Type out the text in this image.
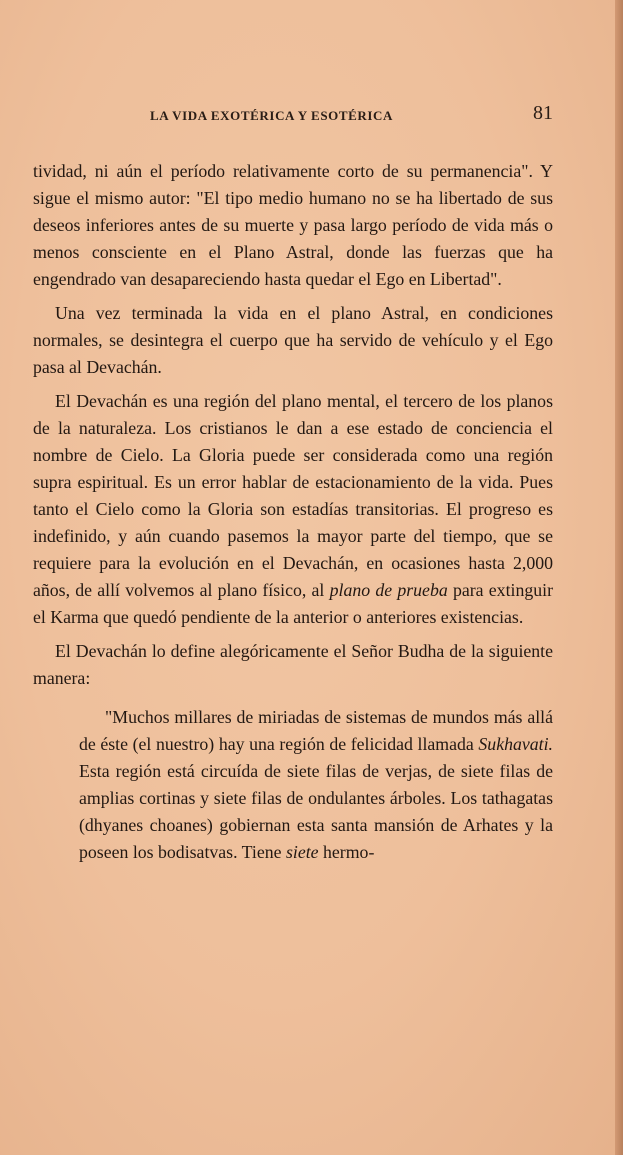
LA VIDA EXOTÉRICA Y ESOTÉRICA	81

tividad, ni aún el período relativamente corto de su permanencia". Y sigue el mismo autor: "El tipo medio humano no se ha libertado de sus deseos inferiores antes de su muerte y pasa largo período de vida más o menos consciente en el Plano Astral, donde las fuerzas que ha engendrado van desapareciendo hasta quedar el Ego en Libertad".

Una vez terminada la vida en el plano Astral, en condiciones normales, se desintegra el cuerpo que ha servido de vehículo y el Ego pasa al Devachán.

El Devachán es una región del plano mental, el tercero de los planos de la naturaleza. Los cristianos le dan a ese estado de conciencia el nombre de Cielo. La Gloria puede ser considerada como una región supra espiritual. Es un error hablar de estacionamiento de la vida. Pues tanto el Cielo como la Gloria son estadías transitorias. El progreso es indefinido, y aún cuando pasemos la mayor parte del tiempo, que se requiere para la evolución en el Devachán, en ocasiones hasta 2,000 años, de allí volvemos al plano físico, al plano de prueba para extinguir el Karma que quedó pendiente de la anterior o anteriores existencias.

El Devachán lo define alegóricamente el Señor Budha de la siguiente manera:

"Muchos millares de miriadas de sistemas de mundos más allá de éste (el nuestro) hay una región de felicidad llamada Sukhavati. Esta región está circuída de siete filas de verjas, de siete filas de amplias cortinas y siete filas de ondulantes árboles. Los tathagatas (dhyanes choanes) gobiernan esta santa mansión de Arhates y la poseen los bodisatvas. Tiene siete hermo-
